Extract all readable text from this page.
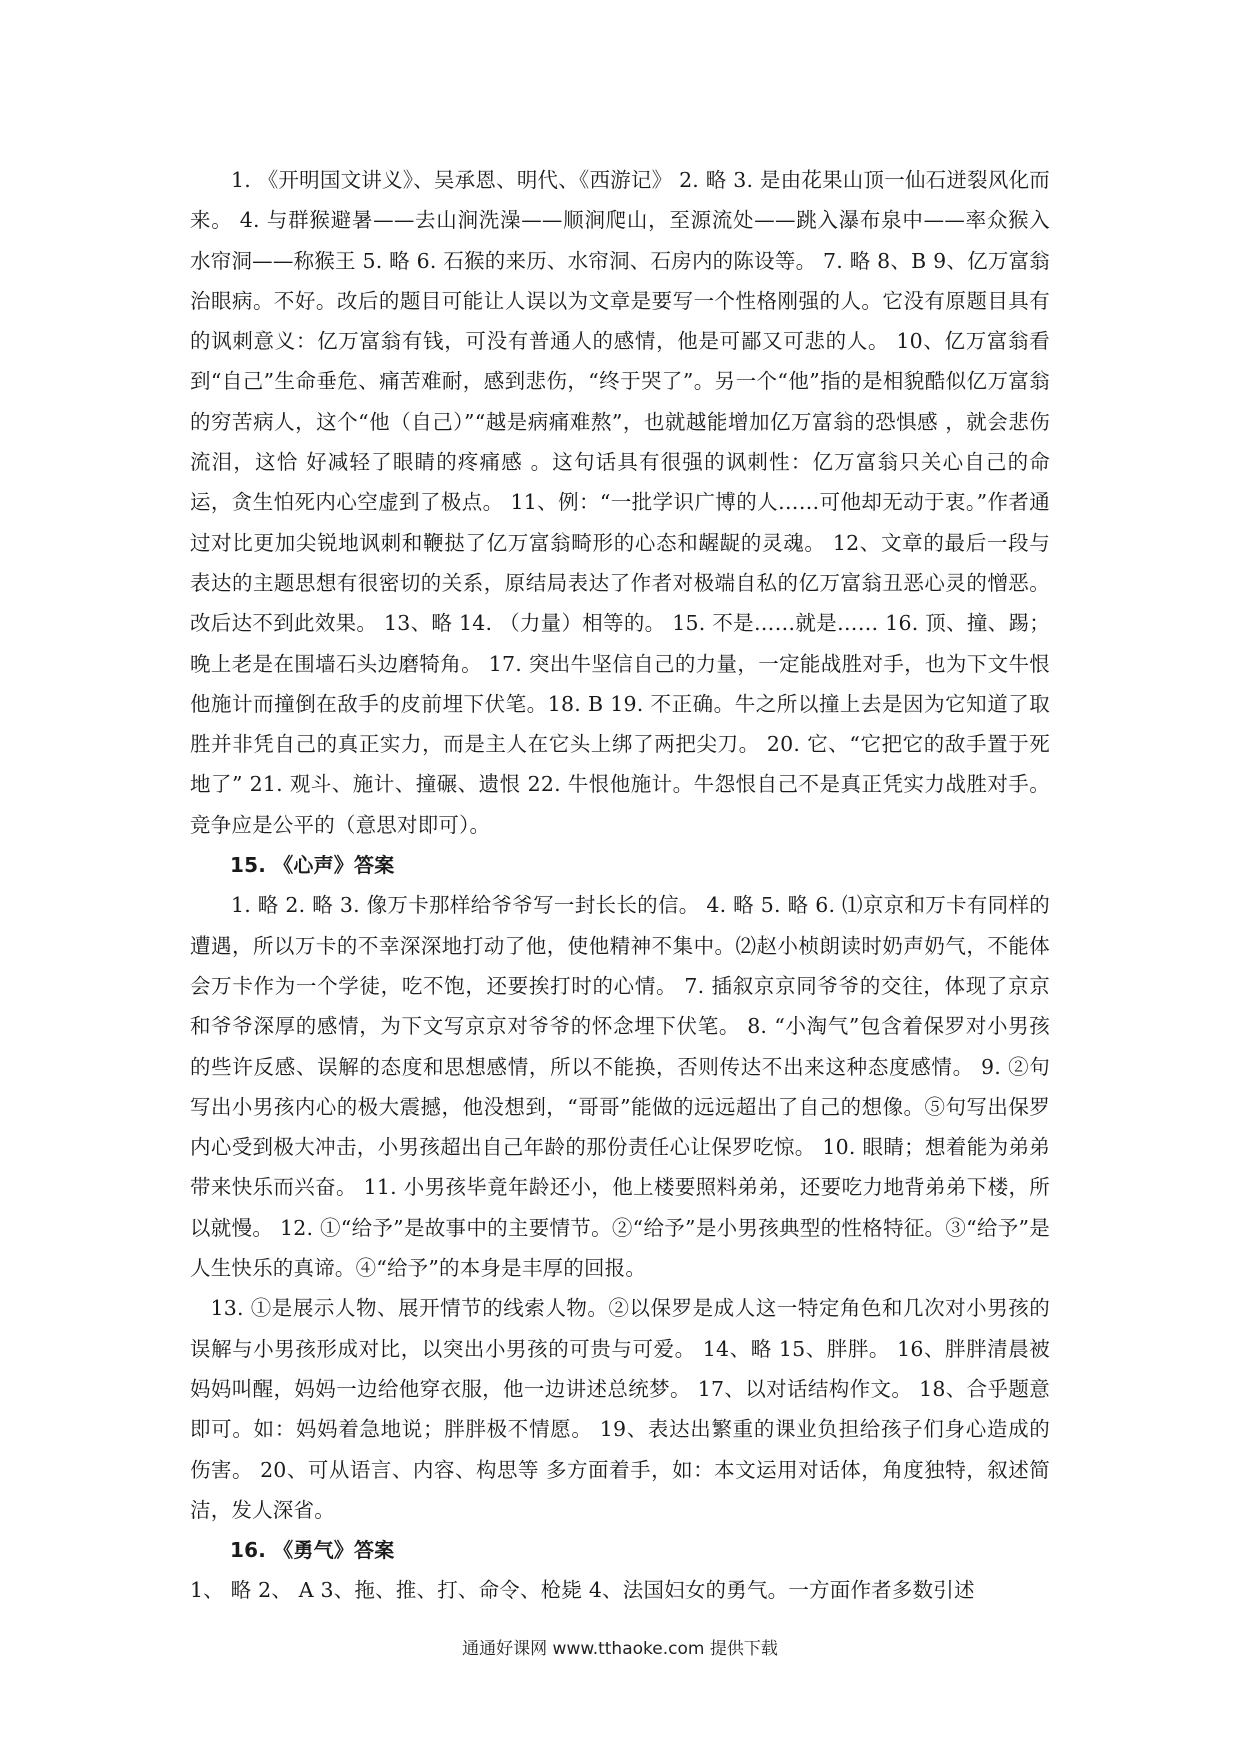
1. 《开明国文讲义》、吴承恩、明代、《西游记》 2. 略 3. 是由花果山顶一仙石迸裂风化而来。 4. 与群猴避暑——去山涧洗澡——顺涧爬山，至源流处——跳入瀑布泉中——率众猴入水帘洞——称猴王 5. 略 6. 石猴的来历、水帘洞、石房内的陈设等。 7. 略 8、B 9、亿万富翁治眼病。不好。改后的题目可能让人误以为文章是要写一个性格刚强的人。它没有原题目具有的讽刺意义：亿万富翁有钱，可没有普通人的感情，他是可鄙又可悲的人。 10、亿万富翁看到“自己”生命垂危、痛苦难耐，感到悲伤，“终于哭了”。另一个“他”指的是相貌酷似亿万富翁的穷苦病人，这个“他（自己）”“越是病痛难熬”，也就越能增加亿万富翁的恐惧感 ，就会悲伤流泪，这恰 好减轻了眼睛的疼痛感 。这句话具有很强的讽刺性：亿万富翁只关心自己的命运，贪生怕死内心空虚到了极点。 11、例：“一批学识广博的人……可他却无动于衷。”作者通过对比更加尖锐地讽刺和鞭挞了亿万富翁畸形的心态和龌龊的灵魂。 12、文章的最后一段与表达的主题思想有很密切的关系，原结局表达了作者对极端自私的亿万富翁丑恶心灵的憎恶。改后达不到此效果。 13、略 14. （力量）相等的。 15. 不是……就是…… 16. 顶、撞、踢；晚上老是在围墙石头边磨犄角。 17. 突出牛坚信自己的力量，一定能战胜对手，也为下文牛恨他施计而撞倒在敌手的皮前埋下伏笔。18. B 19. 不正确。牛之所以撞上去是因为它知道了取胜并非凭自己的真正实力，而是主人在它头上绑了两把尖刀。 20. 它、“它把它的敌手置于死地了” 21. 观斗、施计、撞碾、遗恨 22. 牛恨他施计。牛怨恨自己不是真正凭实力战胜对手。竞争应是公平的（意思对即可）。

15. 《心声》答案

1. 略 2. 略 3. 像万卡那样给爷爷写一封长长的信。 4. 略 5. 略 6. ⑴京京和万卡有同样的遭遇，所以万卡的不幸深深地打动了他，使他精神不集中。⑵赵小桢朗读时奶声奶气，不能体会万卡作为一个学徒，吃不饱，还要挨打时的心情。 7. 插叙京京同爷爷的交往，体现了京京和爷爷深厚的感情，为下文写京京对爷爷的怀念埋下伏笔。 8. “小淘气”包含着保罗对小男孩的些许反感、误解的态度和思想感情，所以不能换，否则传达不出来这种态度感情。 9. ②句写出小男孩内心的极大震撼，他没想到，“哥哥”能做的远远超出了自己的想像。⑤句写出保罗内心受到极大冲击，小男孩超出自己年龄的那份责任心让保罗吃惊。 10. 眼睛；想着能为弟弟带来快乐而兴奋。 11. 小男孩毕竟年龄还小，他上楼要照料弟弟，还要吃力地背弟弟下楼，所以就慢。 12. ①“给予”是故事中的主要情节。②“给予”是小男孩典型的性格特征。③“给予”是人生快乐的真谛。④“给予”的本身是丰厚的回报。

13. ①是展示人物、展开情节的线索人物。②以保罗是成人这一特定角色和几次对小男孩的误解与小男孩形成对比，以突出小男孩的可贵与可爱。 14、略 15、胖胖。 16、胖胖清晨被 妈妈叫醒，妈妈一边给他穿衣服，他一边讲述总统梦。 17、以对话结构作文。 18、合乎题意即可。如：妈妈着急地说；胖胖极不情愿。 19、表达出繁重的课业负担给孩子们身心造成的伤害。 20、可从语言、内容、构思等 多方面着手，如：本文运用对话体，角度独特，叙述简洁，发人深省。

16. 《勇气》答案

1、 略 2、 A 3、拖、推、打、命令、枪毙 4、法国妇女的勇气。一方面作者多数引述

通通好课网 www.tthaoke.com 提供下载
